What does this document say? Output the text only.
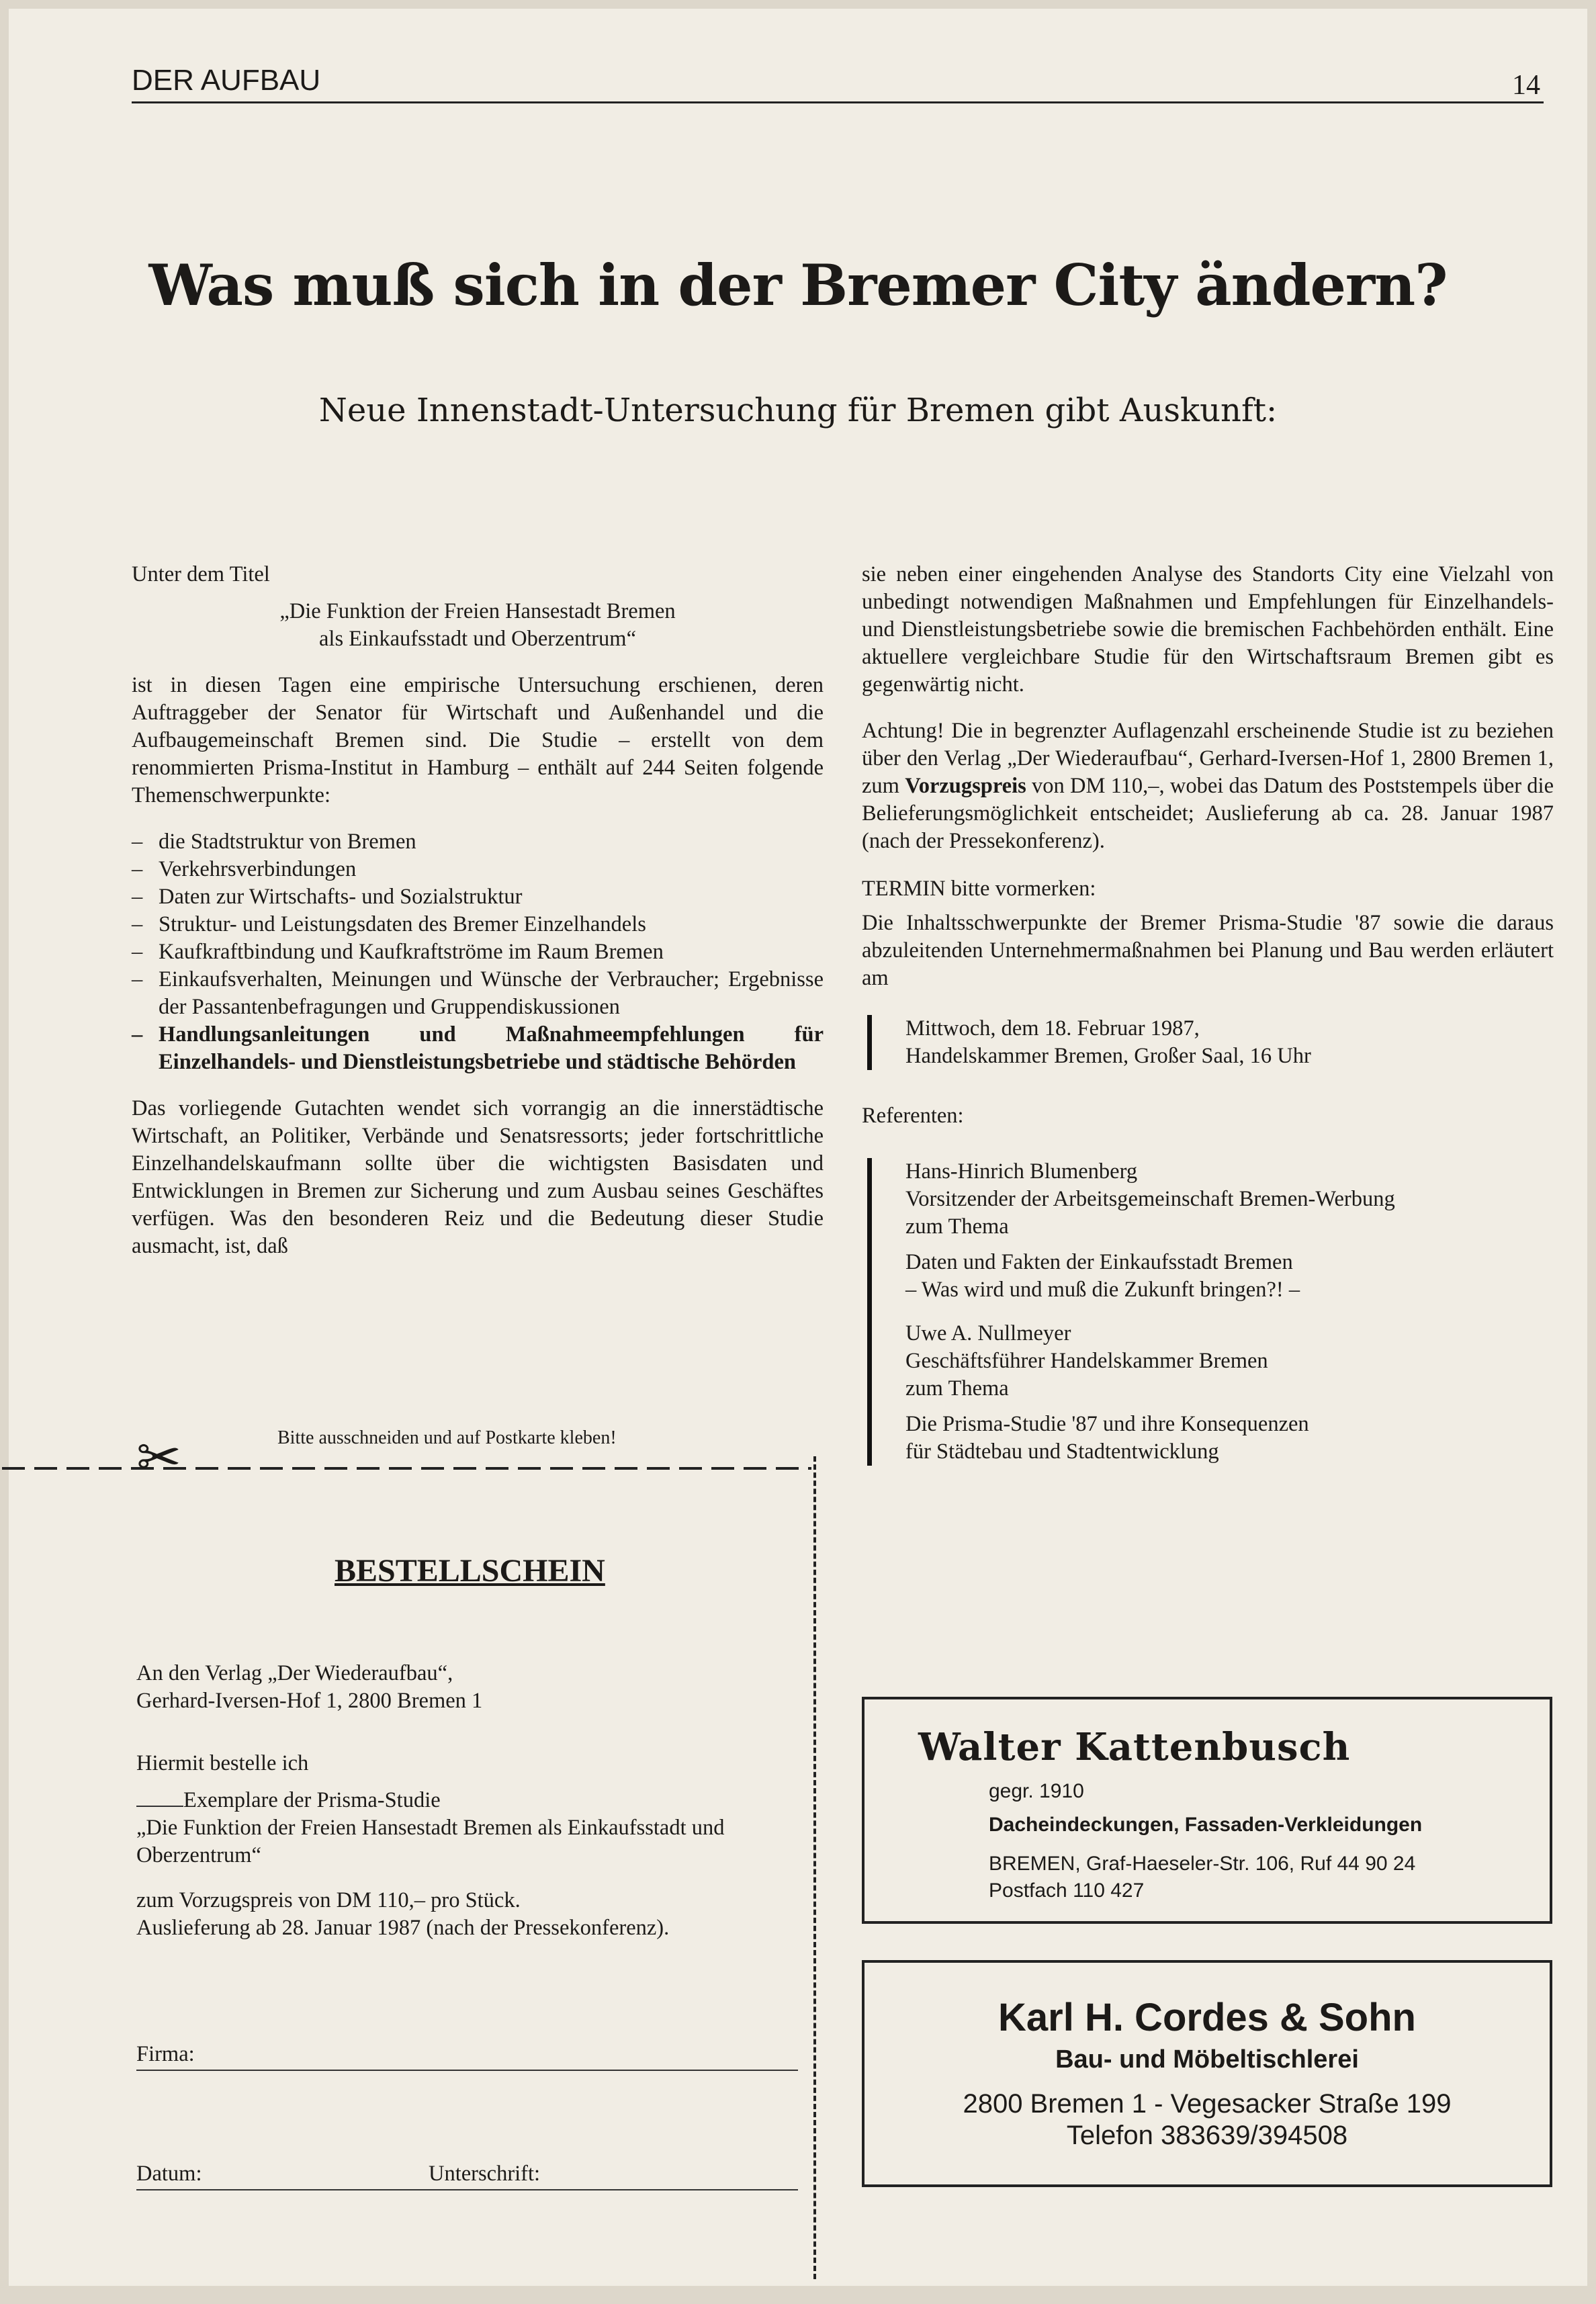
DER AUFBAU	14
Was muß sich in der Bremer City ändern?
Neue Innenstadt-Untersuchung für Bremen gibt Auskunft:

Unter dem Titel

„Die Funktion der Freien Hansestadt Bremen

als Einkaufsstadt und Oberzentrum“

ist in diesen Tagen eine empirische Untersuchung erschienen, deren Auftraggeber der Senator für Wirtschaft und Außenhandel und die Aufbaugemeinschaft Bremen sind. Die Studie – erstellt von dem renommierten Prisma-Institut in Hamburg – enthält auf 244 Seiten folgende Themenschwerpunkte:

– die Stadtstruktur von Bremen
– Verkehrsverbindungen
– Daten zur Wirtschafts- und Sozialstruktur
– Struktur- und Leistungsdaten des Bremer Einzelhandels
– Kaufkraftbindung und Kaufkraftströme im Raum Bremen
– Einkaufsverhalten, Meinungen und Wünsche der Verbraucher; Ergebnisse der Passantenbefragungen und Gruppendiskussionen
– Handlungsanleitungen und Maßnahmeempfehlungen für Einzelhandels- und Dienstleistungsbetriebe und städtische Behörden

Das vorliegende Gutachten wendet sich vorrangig an die innerstädtische Wirtschaft, an Politiker, Verbände und Senatsressorts; jeder fortschrittliche Einzelhandelskaufmann sollte über die wichtigsten Basisdaten und Entwicklungen in Bremen zur Sicherung und zum Ausbau seines Geschäftes verfügen. Was den besonderen Reiz und die Bedeutung dieser Studie ausmacht, ist, daß

sie neben einer eingehenden Analyse des Standorts City eine Vielzahl von unbedingt notwendigen Maßnahmen und Empfehlungen für Einzelhandels- und Dienstleistungsbetriebe sowie die bremischen Fachbehörden enthält. Eine aktuellere vergleichbare Studie für den Wirtschaftsraum Bremen gibt es gegenwärtig nicht.

Achtung! Die in begrenzter Auflagenzahl erscheinende Studie ist zu beziehen über den Verlag „Der Wiederaufbau“, Gerhard-Iversen-Hof 1, 2800 Bremen 1, zum Vorzugspreis von DM 110,–, wobei das Datum des Poststempels über die Belieferungsmöglichkeit entscheidet; Auslieferung ab ca. 28. Januar 1987 (nach der Pressekonferenz).

TERMIN bitte vormerken:

Die Inhaltsschwerpunkte der Bremer Prisma-Studie '87 sowie die daraus abzuleitenden Unternehmermaßnahmen bei Planung und Bau werden erläutert am

Mittwoch, dem 18. Februar 1987,

Handelskammer Bremen, Großer Saal, 16 Uhr

Referenten:

Hans-Hinrich Blumenberg

Vorsitzender der Arbeitsgemeinschaft Bremen-Werbung

zum Thema

Daten und Fakten der Einkaufsstadt Bremen

– Was wird und muß die Zukunft bringen?! –

Uwe A. Nullmeyer

Geschäftsführer Handelskammer Bremen

zum Thema

Die Prisma-Studie '87 und ihre Konsequenzen

für Städtebau und Stadtentwicklung

Bitte ausschneiden und auf Postkarte kleben!
✂
BESTELLSCHEIN

An den Verlag „Der Wiederaufbau“,

Gerhard-Iversen-Hof 1, 2800 Bremen 1

Hiermit bestelle ich

Exemplare der Prisma-Studie

„Die Funktion der Freien Hansestadt Bremen als Einkaufsstadt und Oberzentrum“

zum Vorzugspreis von DM 110,– pro Stück.

Auslieferung ab 28. Januar 1987 (nach der Pressekonferenz).

Firma:
Datum:	Unterschrift:
Walter Kattenbusch
gegr. 1910
Dacheindeckungen, Fassaden-Verkleidungen
BREMEN, Graf-Haeseler-Str. 106, Ruf 44 90 24
Postfach 110 427
Karl H. Cordes & Sohn
Bau- und Möbeltischlerei
2800 Bremen 1 - Vegesacker Straße 199
Telefon 383639/394508
